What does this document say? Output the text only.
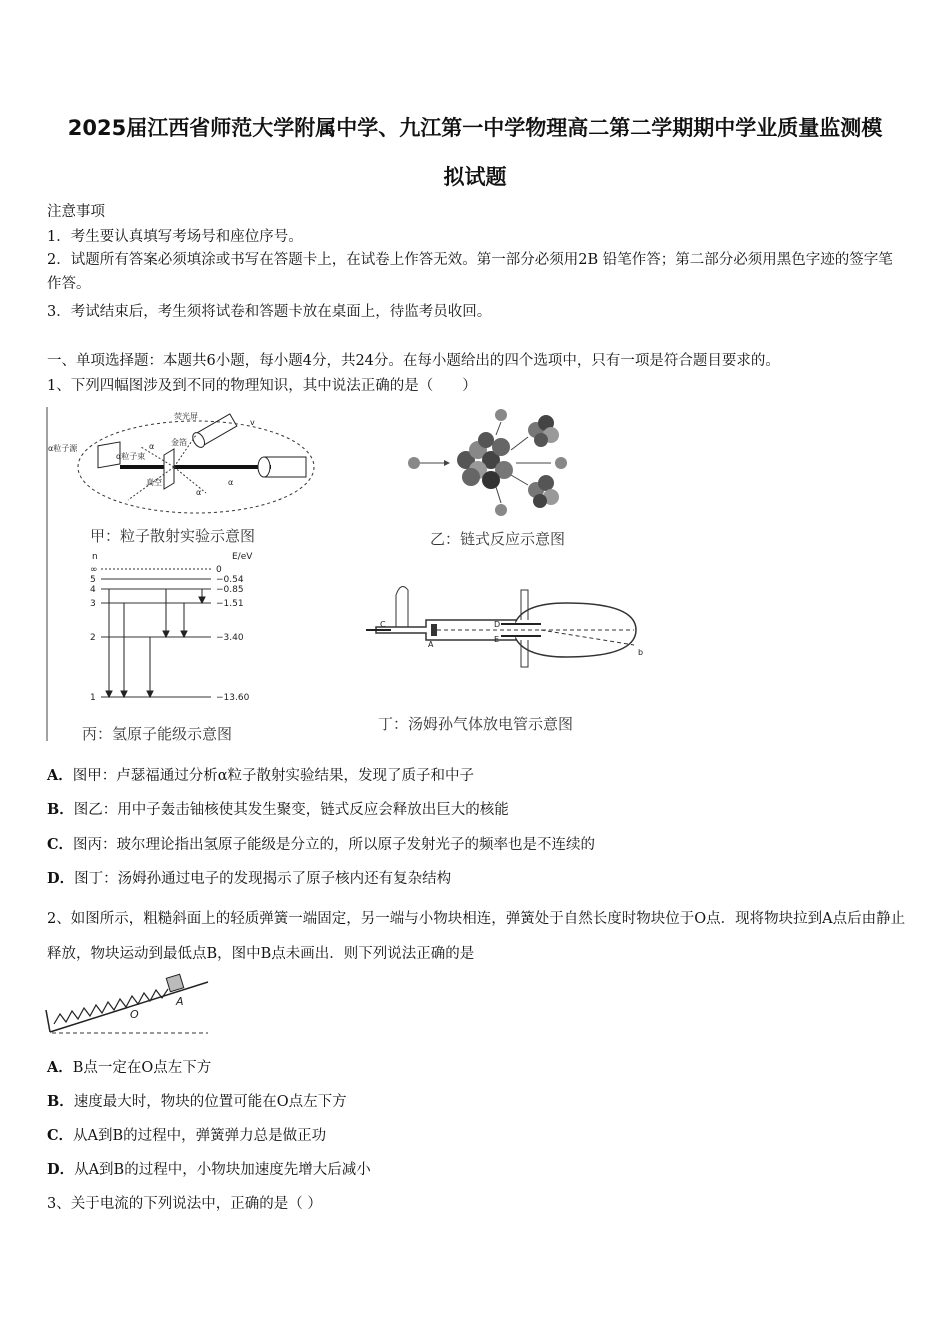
2025届江西省师范大学附属中学、九江第一中学物理高二第二学期期中学业质量监测模
拟试题
注意事项
1．考生要认真填写考场号和座位序号。
2．试题所有答案必须填涂或书写在答题卡上，在试卷上作答无效。第一部分必须用2B 铅笔作答；第二部分必须用黑色字迹的签字笔作答。
3．考试结束后，考生须将试卷和答题卡放在桌面上，待监考员收回。
一、单项选择题：本题共6小题，每小题4分，共24分。在每小题给出的四个选项中，只有一项是符合题目要求的。
1、下列四幅图涉及到不同的物理知识，其中说法正确的是（　　）
α粒子源
荧光屏
金箔
α粒子束
真空
α
α
α
v
n	E/eV
∞
5
4
3
2
1
0
−0.54
−0.85
−1.51
−3.40
−13.60
C
A
D
E
b
甲：粒子散射实验示意图	乙：链式反应示意图
丙：氢原子能级示意图
丁：汤姆孙气体放电管示意图
A．图甲：卢瑟福通过分析α粒子散射实验结果，发现了质子和中子
B．图乙：用中子轰击铀核使其发生聚变，链式反应会释放出巨大的核能
C．图丙：玻尔理论指出氢原子能级是分立的，所以原子发射光子的频率也是不连续的
D．图丁：汤姆孙通过电子的发现揭示了原子核内还有复杂结构
2、如图所示，粗糙斜面上的轻质弹簧一端固定，另一端与小物块相连，弹簧处于自然长度时物块位于O点．现将物块拉到A点后由静止释放，物块运动到最低点B，图中B点未画出．则下列说法正确的是
O
A
A．B点一定在O点左下方
B．速度最大时，物块的位置可能在O点左下方
C．从A到B的过程中，弹簧弹力总是做正功
D．从A到B的过程中，小物块加速度先增大后减小
3、关于电流的下列说法中，正确的是（ ）
